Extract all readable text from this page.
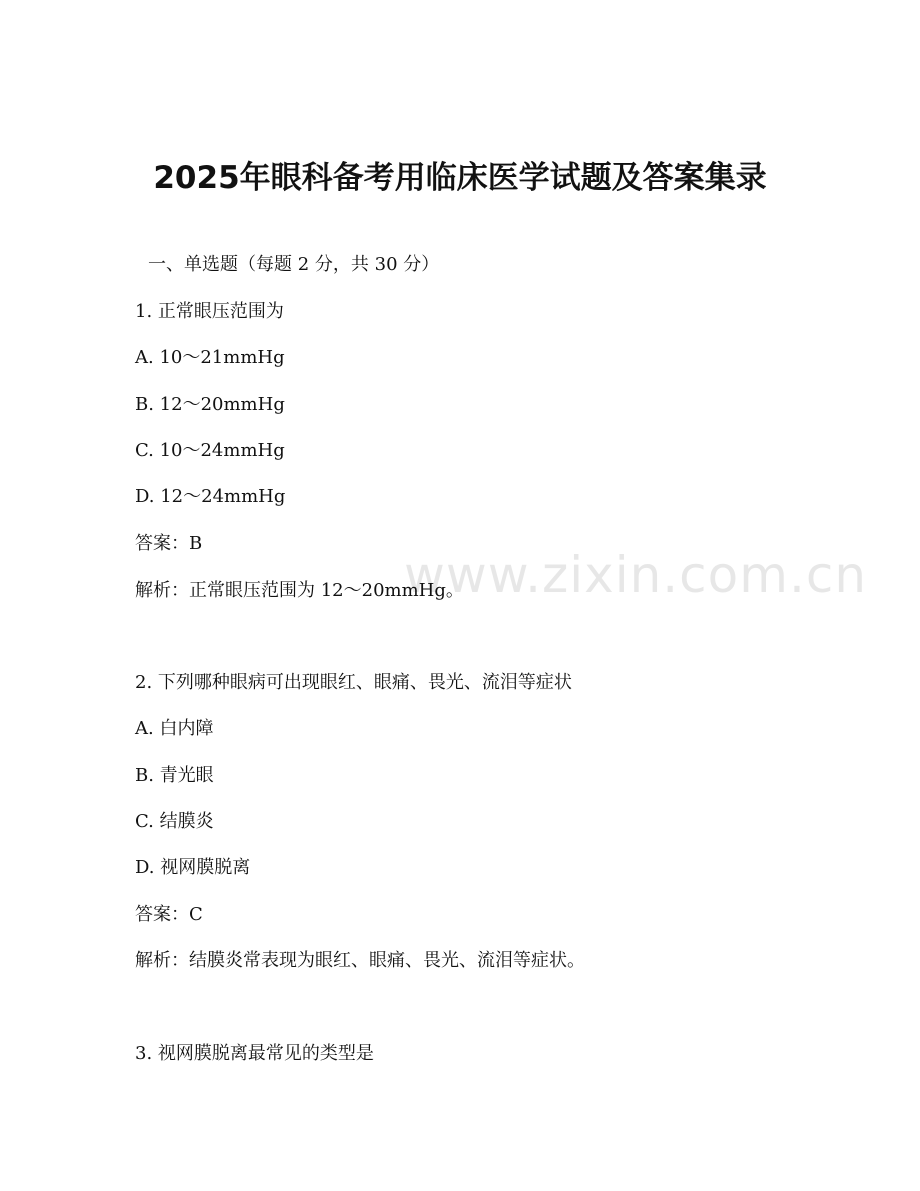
www.zixin.com.cn
2025年眼科备考用临床医学试题及答案集录
一、单选题（每题 2 分，共 30 分）
1. 正常眼压范围为
A. 10～21mmHg
B. 12～20mmHg
C. 10～24mmHg
D. 12～24mmHg
答案：B
解析：正常眼压范围为 12～20mmHg。
2. 下列哪种眼病可出现眼红、眼痛、畏光、流泪等症状
A. 白内障
B. 青光眼
C. 结膜炎
D. 视网膜脱离
答案：C
解析：结膜炎常表现为眼红、眼痛、畏光、流泪等症状。
3. 视网膜脱离最常见的类型是
